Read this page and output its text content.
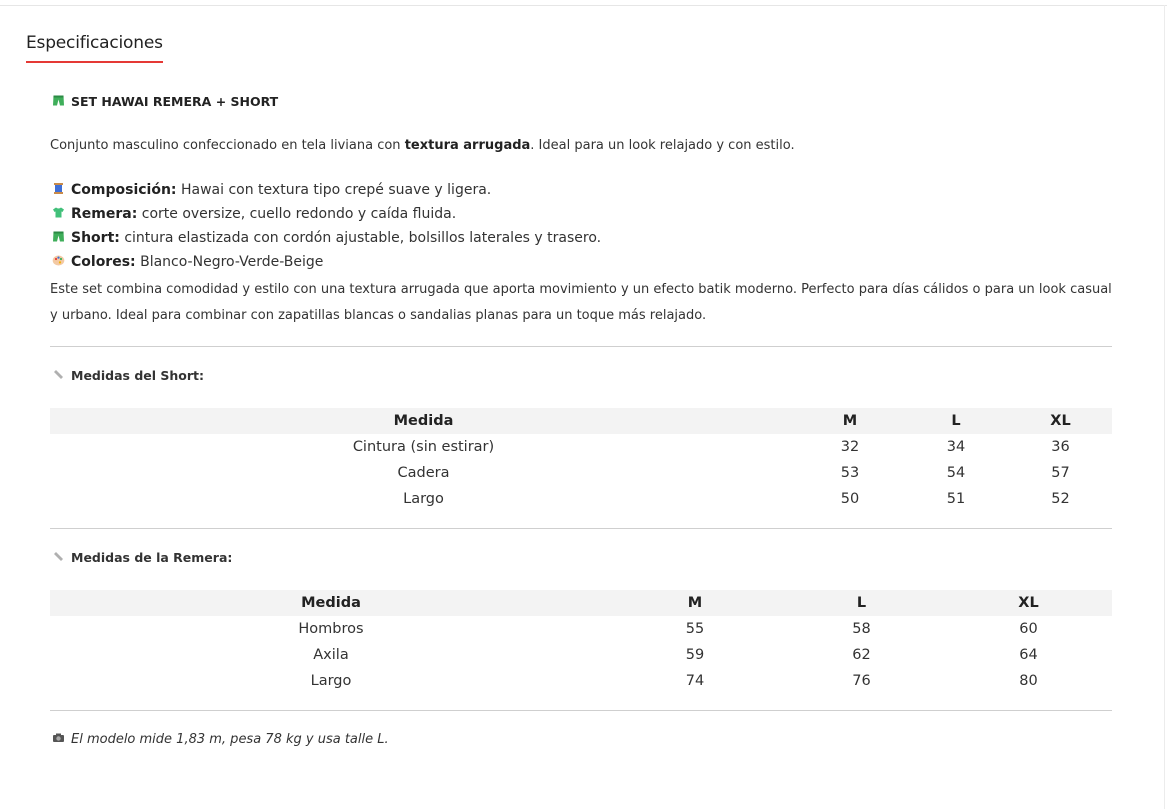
Especificaciones
SET HAWAI REMERA + SHORT
Conjunto masculino confeccionado en tela liviana con textura arrugada. Ideal para un look relajado y con estilo.
Composición: Hawai con textura tipo crepé suave y ligera.
Remera: corte oversize, cuello redondo y caída fluida.
Short: cintura elastizada con cordón ajustable, bolsillos laterales y trasero.
Colores: Blanco-Negro-Verde-Beige
Este set combina comodidad y estilo con una textura arrugada que aporta movimiento y un efecto batik moderno. Perfecto para días cálidos o para un look casual y urbano. Ideal para combinar con zapatillas blancas o sandalias planas para un toque más relajado.
Medidas del Short:
Medida	M	L	XL
Cintura (sin estirar)	32	34	36
Cadera	53	54	57
Largo	50	51	52
Medidas de la Remera:
Medida	M	L	XL
Hombros	55	58	60
Axila	59	62	64
Largo	74	76	80
El modelo mide 1,83 m, pesa 78 kg y usa talle L.
